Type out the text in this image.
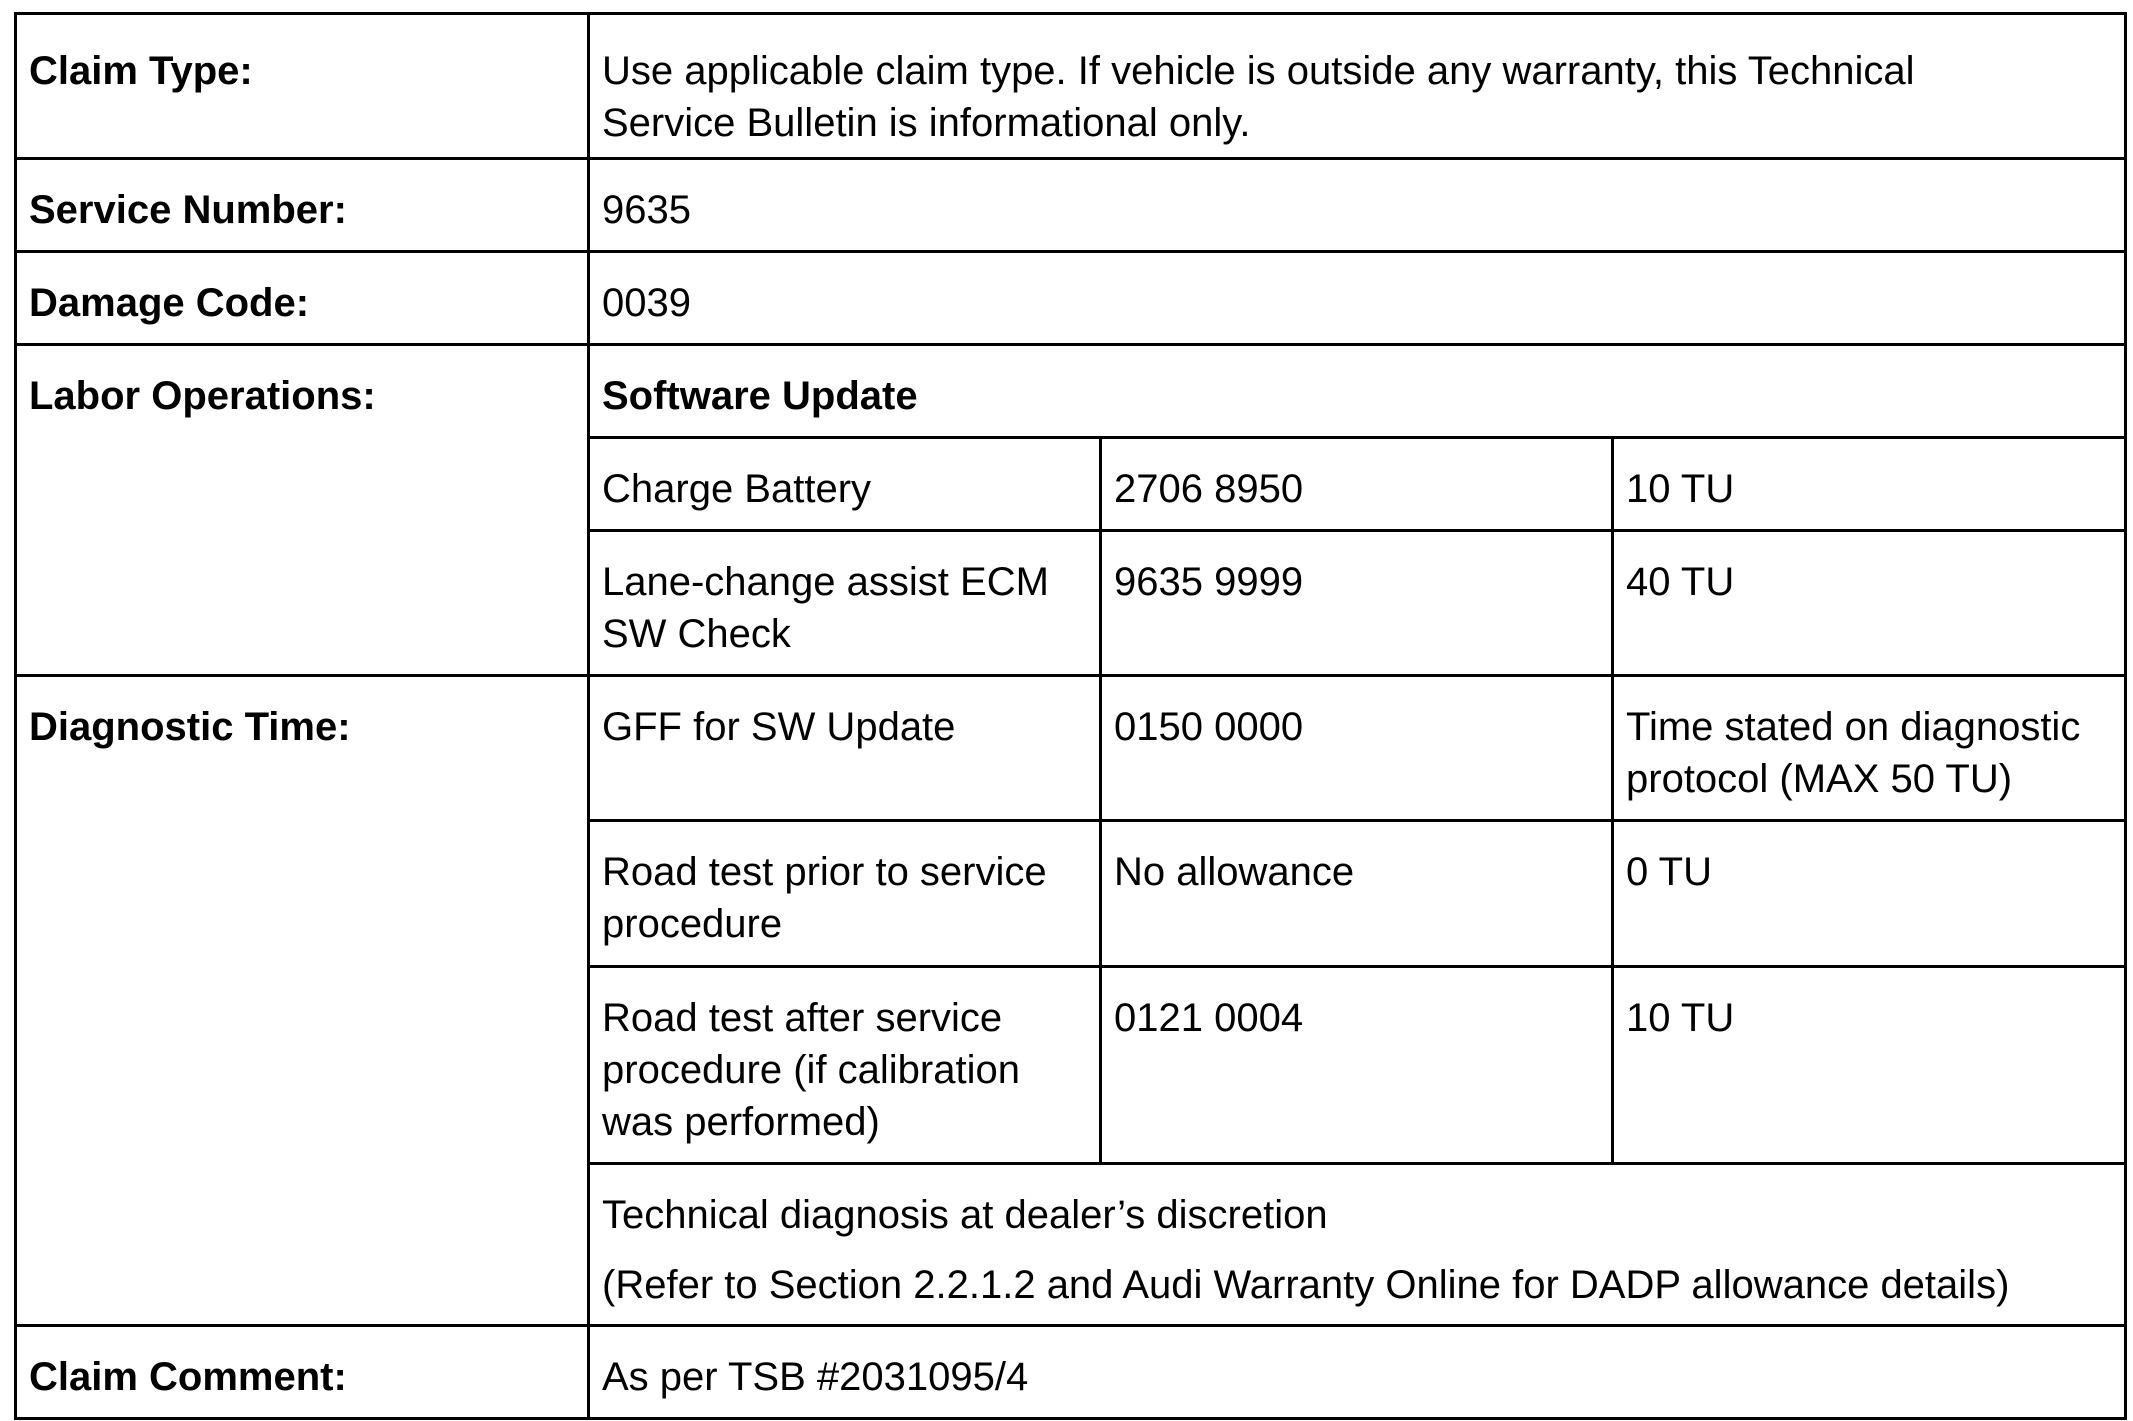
Claim Type:	Use applicable claim type. If vehicle is outside any warranty, this Technical
Service Bulletin is informational only.		

Service Number:	9635		
Damage Code:	0039		
Labor Operations:	Software Update		
	Charge Battery	2706 8950	10 TU

	Lane-change assist ECM
SW Check	9635 9999	40 TU
Diagnostic Time:	GFF for SW Update	0150 0000	Time stated on diagnostic
protocol (MAX 50 TU)

	Road test prior to service
procedure	No allowance	0 TU

	Road test after service
procedure (if calibration
was performed)	0121 0004	10 TU

	Technical diagnosis at dealer’s discretion
(Refer to Section 2.2.1.2 and Audi Warranty Online for DADP allowance details)		

Claim Comment:	As per TSB #2031095/4		
